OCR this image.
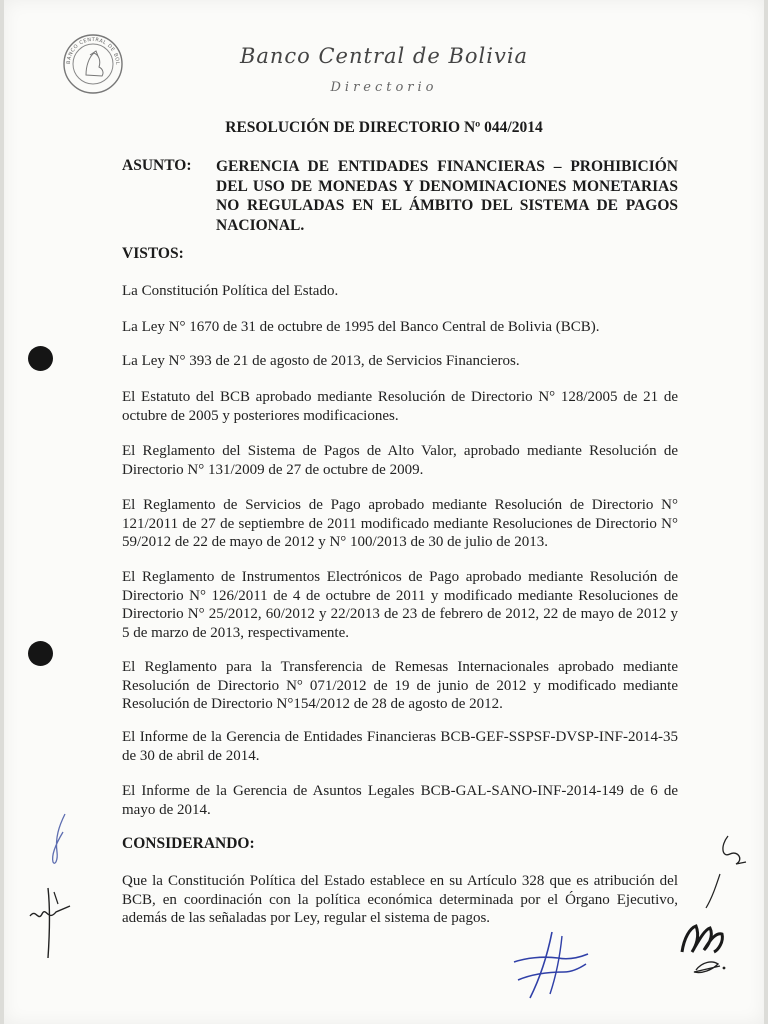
BANCO CENTRAL DE BOL	Banco Central de Bolivia
Directorio
RESOLUCIÓN DE DIRECTORIO Nº 044/2014
ASUNTO: GERENCIA DE ENTIDADES FINANCIERAS – PROHIBICIÓN DEL USO DE MONEDAS Y DENOMINACIONES MONETARIAS NO REGULADAS EN EL ÁMBITO DEL SISTEMA DE PAGOS NACIONAL.
VISTOS:
La Constitución Política del Estado.
La Ley N° 1670 de 31 de octubre de 1995 del Banco Central de Bolivia (BCB).
La Ley N° 393 de 21 de agosto de 2013, de Servicios Financieros.
El Estatuto del BCB aprobado mediante Resolución de Directorio N° 128/2005 de 21 de octubre de 2005 y posteriores modificaciones.
El Reglamento del Sistema de Pagos de Alto Valor, aprobado mediante Resolución de Directorio N° 131/2009 de 27 de octubre de 2009.
El Reglamento de Servicios de Pago aprobado mediante Resolución de Directorio N° 121/2011 de 27 de septiembre de 2011 modificado mediante Resoluciones de Directorio N° 59/2012 de 22 de mayo de 2012 y N° 100/2013 de 30 de julio de 2013.
El Reglamento de Instrumentos Electrónicos de Pago aprobado mediante Resolución de Directorio N° 126/2011 de 4 de octubre de 2011 y modificado mediante Resoluciones de Directorio N° 25/2012, 60/2012 y 22/2013 de 23 de febrero de 2012, 22 de mayo de 2012 y 5 de marzo de 2013, respectivamente.
El Reglamento para la Transferencia de Remesas Internacionales aprobado mediante Resolución de Directorio N° 071/2012 de 19 de junio de 2012 y modificado mediante Resolución de Directorio N°154/2012 de 28 de agosto de 2012.
El Informe de la Gerencia de Entidades Financieras BCB-GEF-SSPSF-DVSP-INF-2014-35 de 30 de abril de 2014.
El Informe de la Gerencia de Asuntos Legales BCB-GAL-SANO-INF-2014-149 de 6 de mayo de 2014.
CONSIDERANDO:
Que la Constitución Política del Estado establece en su Artículo 328 que es atribución del BCB, en coordinación con la política económica determinada por el Órgano Ejecutivo, además de las señaladas por Ley, regular el sistema de pagos.
